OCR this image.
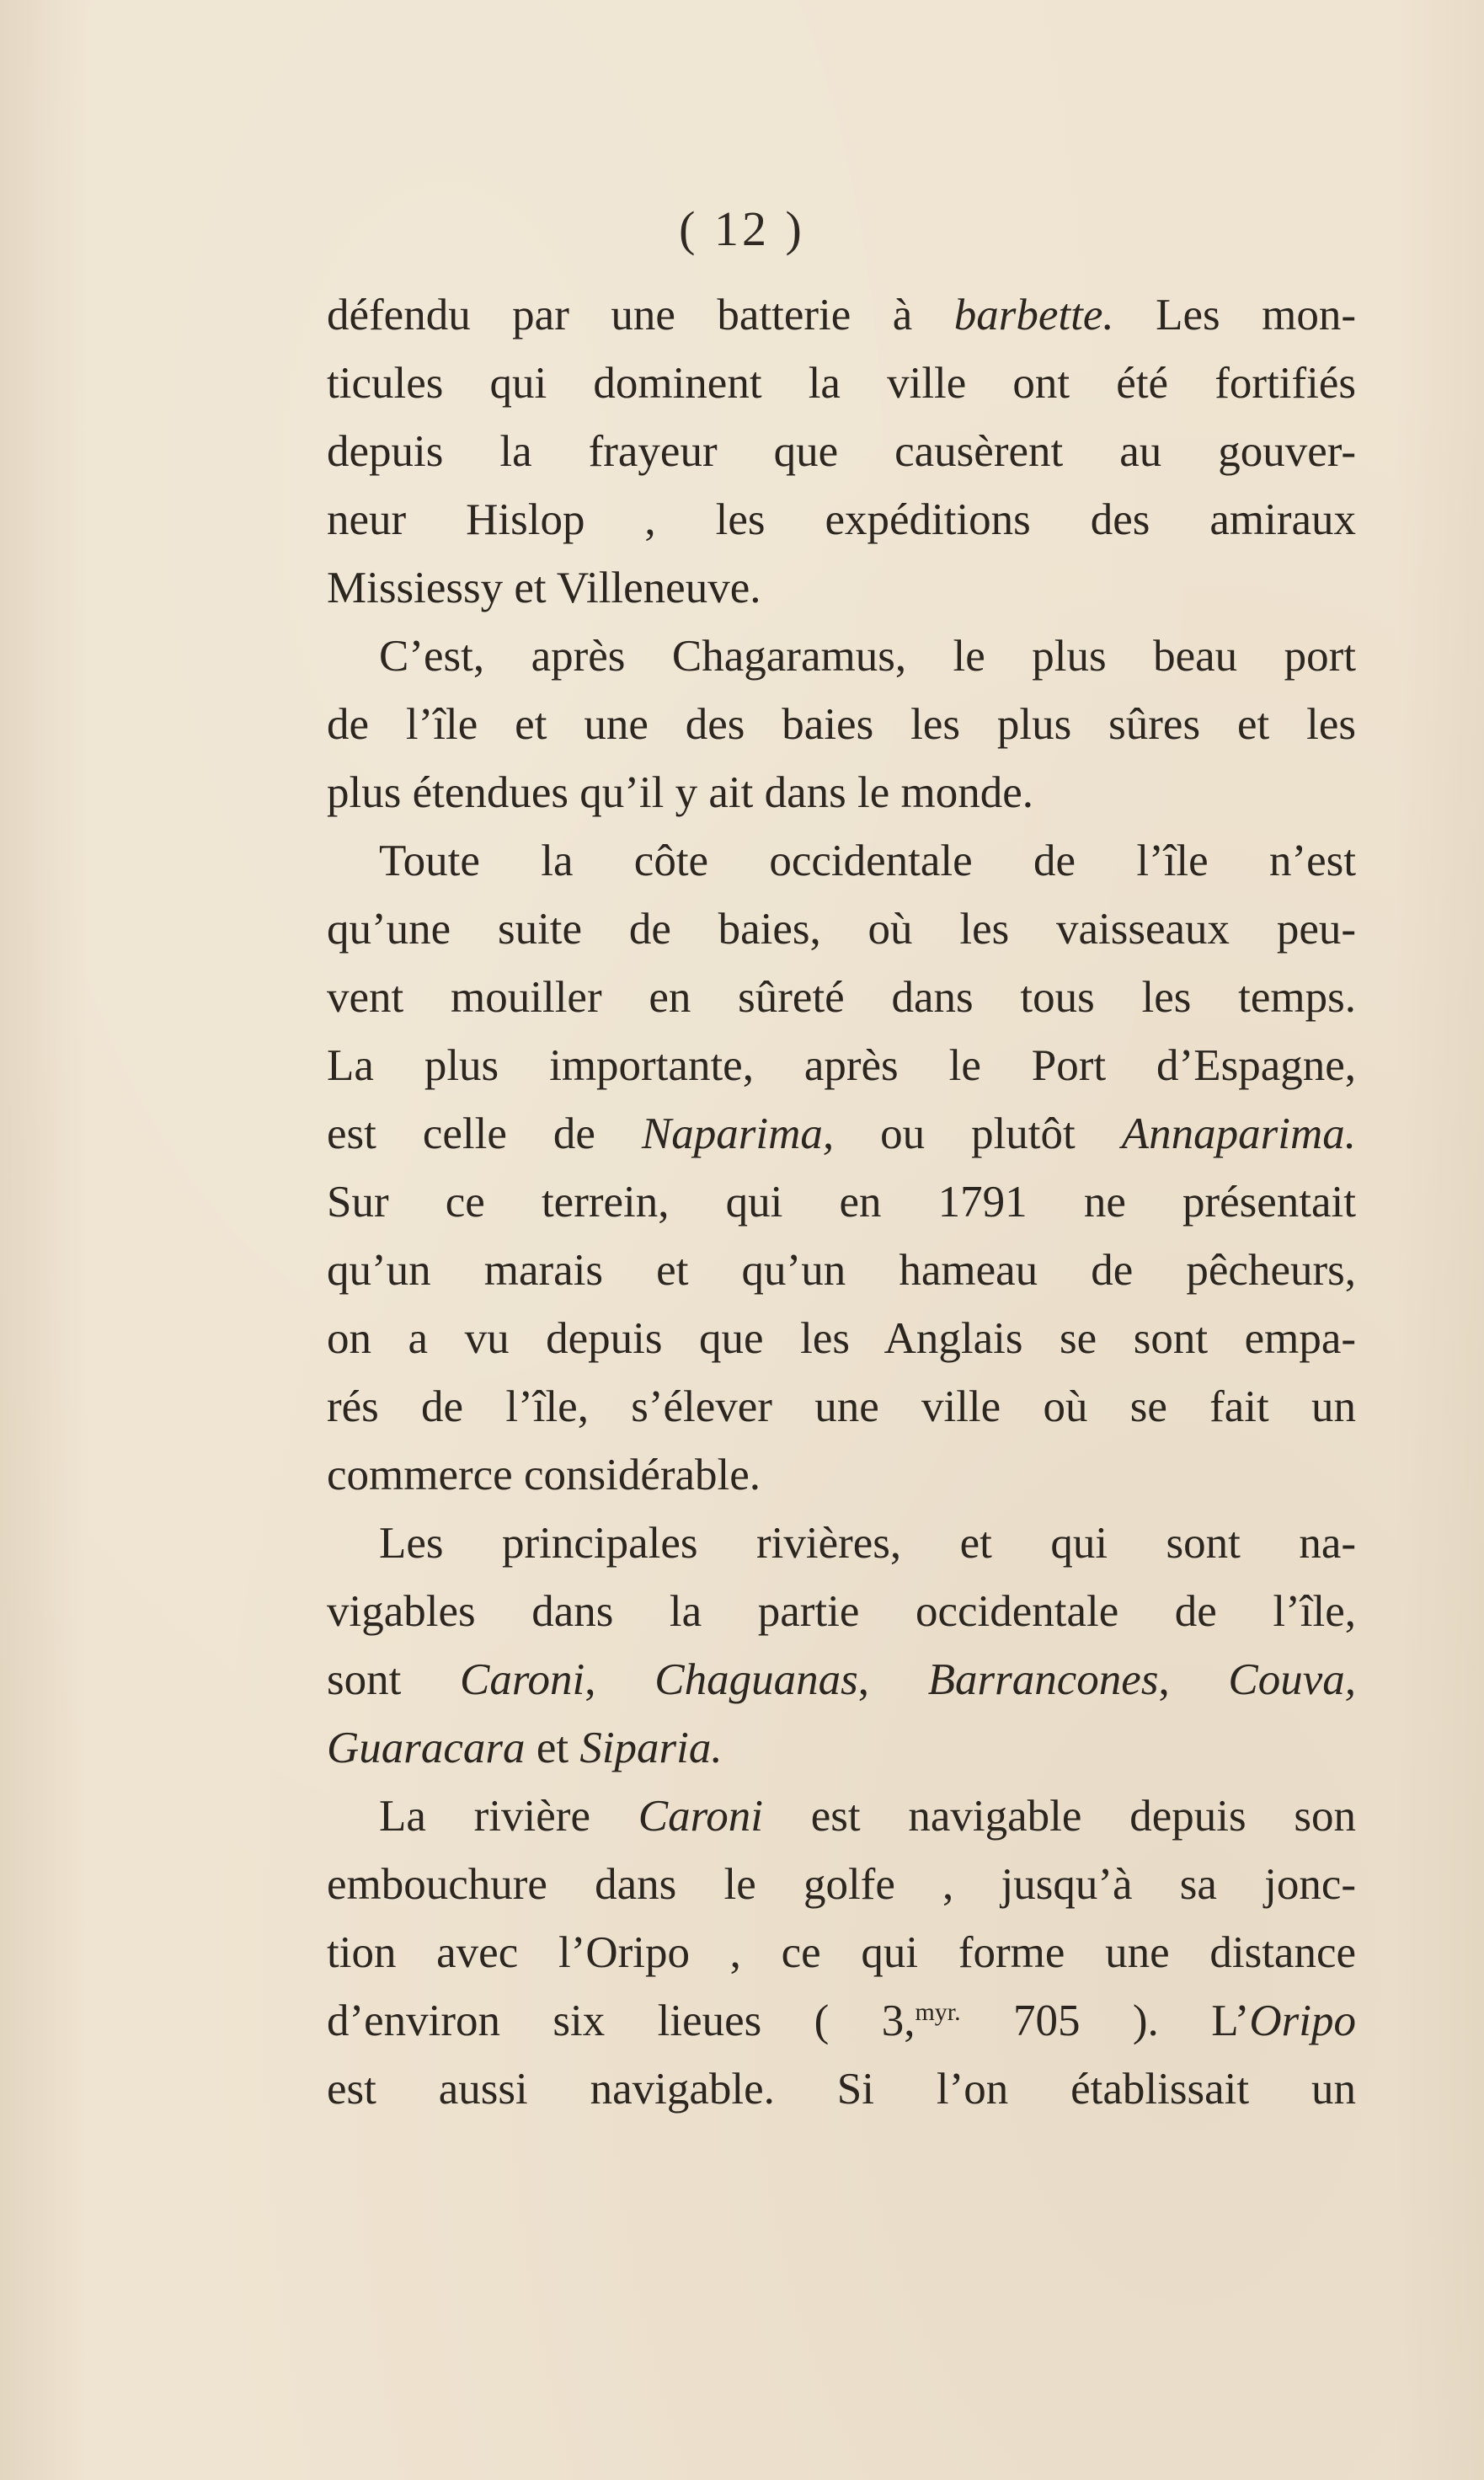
( 12 )
défendu par une batterie à barbette. Les mon-
ticules qui dominent la ville ont été fortifiés
depuis la frayeur que causèrent au gouver-
neur Hislop , les expéditions des amiraux
Missiessy et Villeneuve.
C’est, après Chagaramus, le plus beau port
de l’île et une des baies les plus sûres et les
plus étendues qu’il y ait dans le monde.
Toute la côte occidentale de l’île n’est
qu’une suite de baies, où les vaisseaux peu-
vent mouiller en sûreté dans tous les temps.
La plus importante, après le Port d’Espagne,
est celle de Naparima, ou plutôt Annaparima.
Sur ce terrein, qui en 1791 ne présentait
qu’un marais et qu’un hameau de pêcheurs,
on a vu depuis que les Anglais se sont empa-
rés de l’île, s’élever une ville où se fait un
commerce considérable.
Les principales rivières, et qui sont na-
vigables dans la partie occidentale de l’île,
sont Caroni, Chaguanas, Barrancones, Couva,
Guaracara et Siparia.
La rivière Caroni est navigable depuis son
embouchure dans le golfe , jusqu’à sa jonc-
tion avec l’Oripo , ce qui forme une distance
d’environ six lieues ( 3,$^{myr.}$ 705 ). L’Oripo
est aussi navigable. Si l’on établissait un
